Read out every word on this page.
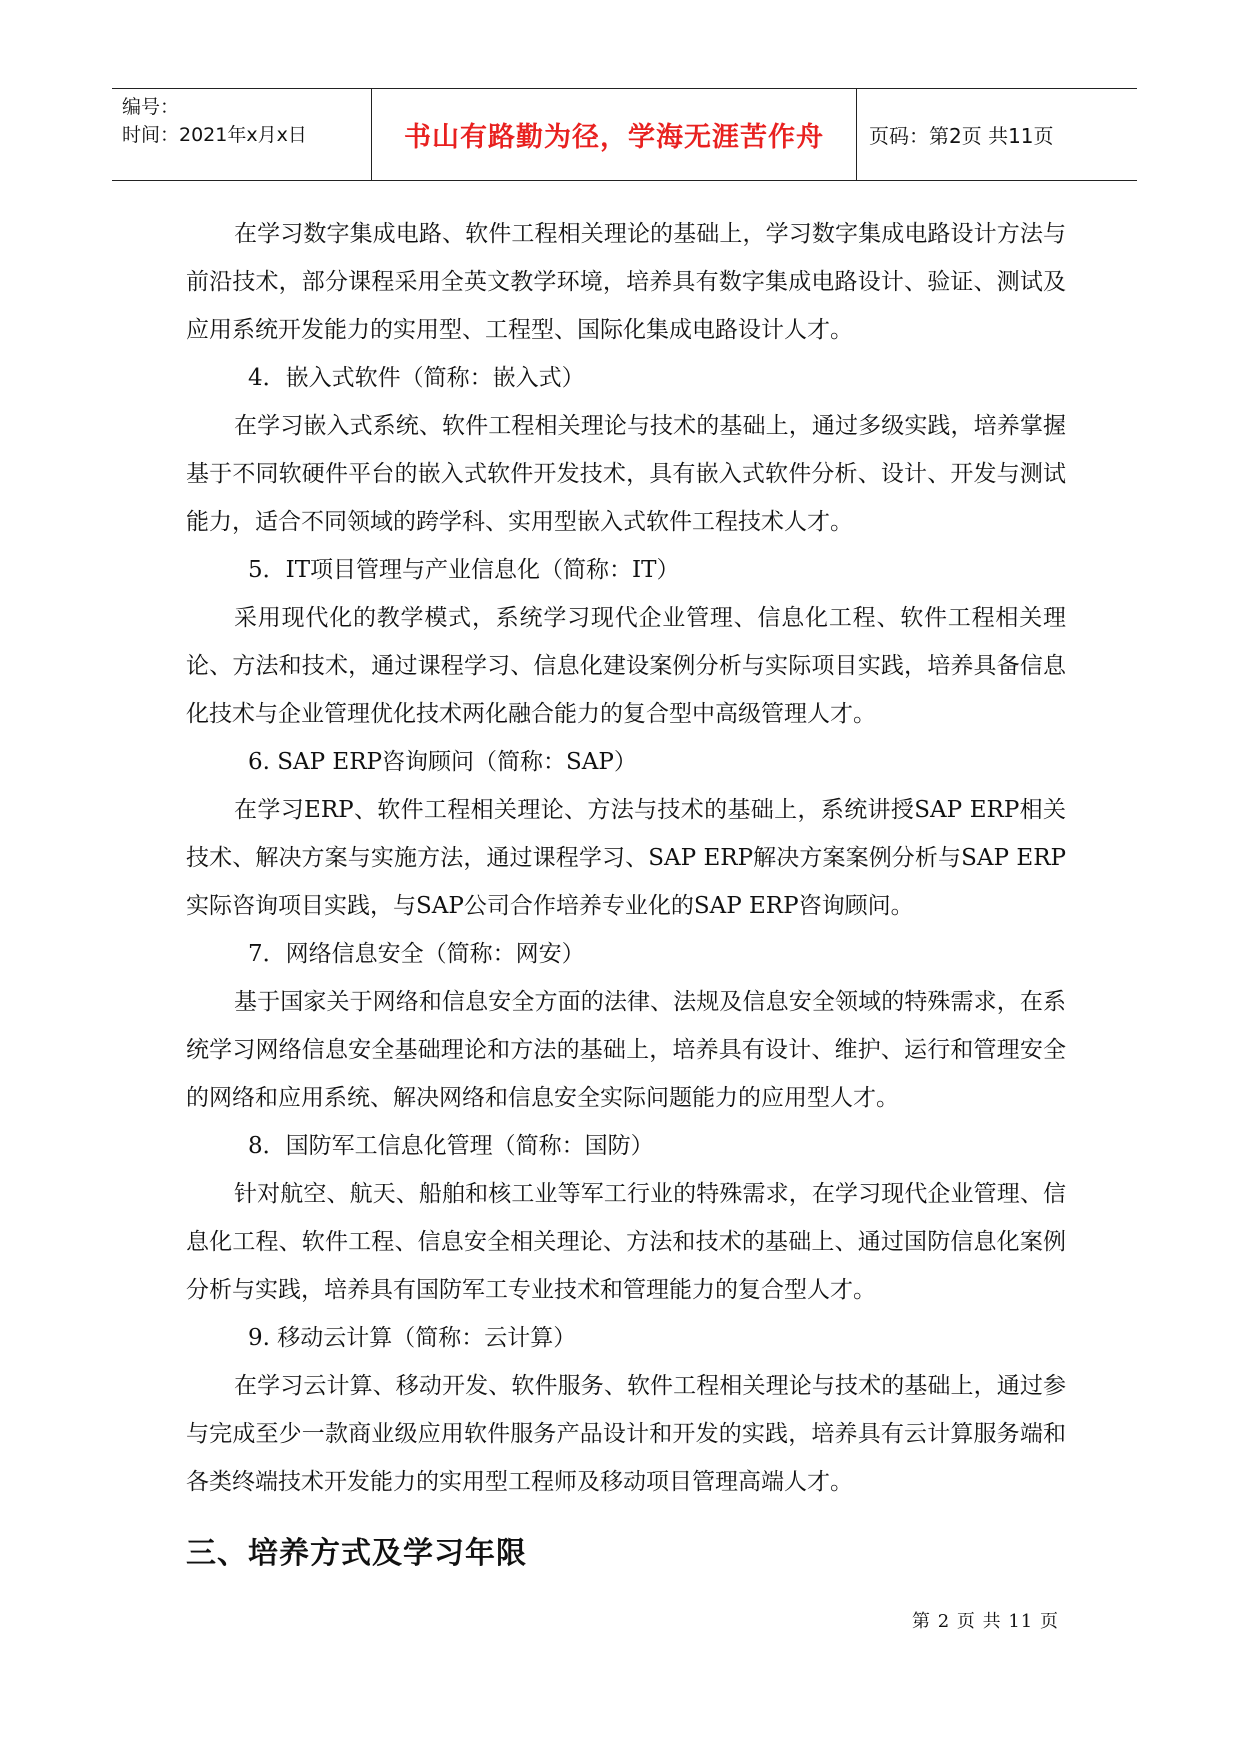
编号：
时间：2021年x月x日	书山有路勤为径，学海无涯苦作舟	页码：第2页 共11页

在学习数字集成电路、软件工程相关理论的基础上，学习数字集成电路设计方法与前沿技术，部分课程采用全英文教学环境，培养具有数字集成电路设计、验证、测试及应用系统开发能力的实用型、工程型、国际化集成电路设计人才。

4．嵌入式软件（简称：嵌入式）

在学习嵌入式系统、软件工程相关理论与技术的基础上，通过多级实践，培养掌握基于不同软硬件平台的嵌入式软件开发技术，具有嵌入式软件分析、设计、开发与测试能力，适合不同领域的跨学科、实用型嵌入式软件工程技术人才。

5．IT项目管理与产业信息化（简称：IT）

采用现代化的教学模式，系统学习现代企业管理、信息化工程、软件工程相关理论、方法和技术，通过课程学习、信息化建设案例分析与实际项目实践，培养具备信息化技术与企业管理优化技术两化融合能力的复合型中高级管理人才。

6. SAP ERP咨询顾问（简称：SAP）

在学习ERP、软件工程相关理论、方法与技术的基础上，系统讲授SAP ERP相关技术、解决方案与实施方法，通过课程学习、SAP ERP解决方案案例分析与SAP ERP实际咨询项目实践，与SAP公司合作培养专业化的SAP ERP咨询顾问。

7．网络信息安全（简称：网安）

基于国家关于网络和信息安全方面的法律、法规及信息安全领域的特殊需求，在系统学习网络信息安全基础理论和方法的基础上，培养具有设计、维护、运行和管理安全的网络和应用系统、解决网络和信息安全实际问题能力的应用型人才。

8．国防军工信息化管理（简称：国防）

针对航空、航天、船舶和核工业等军工行业的特殊需求，在学习现代企业管理、信息化工程、软件工程、信息安全相关理论、方法和技术的基础上、通过国防信息化案例分析与实践，培养具有国防军工专业技术和管理能力的复合型人才。

9. 移动云计算（简称：云计算）

在学习云计算、移动开发、软件服务、软件工程相关理论与技术的基础上，通过参与完成至少一款商业级应用软件服务产品设计和开发的实践，培养具有云计算服务端和各类终端技术开发能力的实用型工程师及移动项目管理高端人才。

三、培养方式及学习年限
第 2 页 共 11 页
